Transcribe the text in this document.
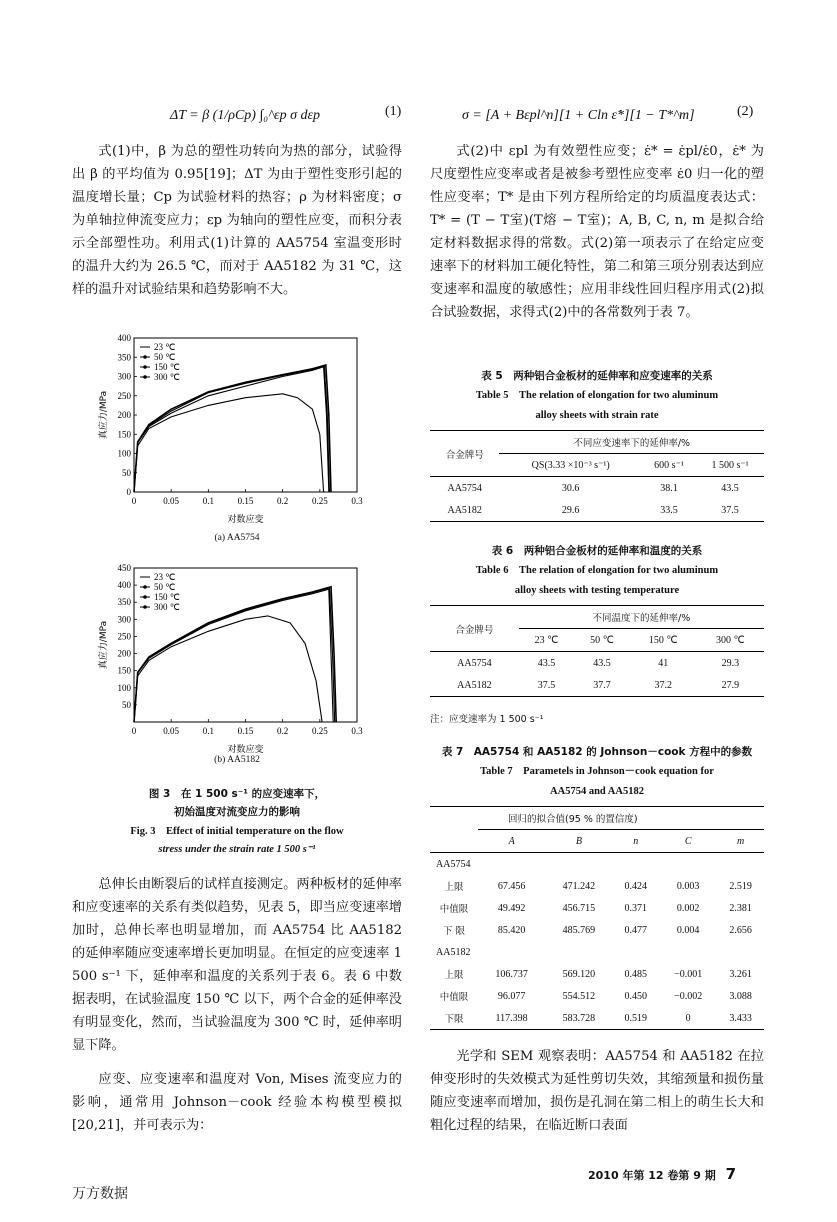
ΔT = β (1/ρCp) ∫₀^εp σ dεp	(1)

式(1)中，β 为总的塑性功转向为热的部分，试验得出 β 的平均值为 0.95[19]；ΔT 为由于塑性变形引起的温度增长量；Cp 为试验材料的热容；ρ 为材料密度；σ 为单轴拉伸流变应力；εp 为轴向的塑性应变，而积分表示全部塑性功。利用式(1)计算的 AA5754 室温变形时的温升大约为 26.5 ℃，而对于 AA5182 为 31 ℃，这样的温升对试验结果和趋势影响不大。

0	0.05	0.1	0.15	0.2	0.25	0.3
0
50
100
150
200
250
300
350
400
对数应变
真应力/MPa
23 ℃
50 ℃
150 ℃
300 ℃
(a) AA5754
0	0.05	0.1	0.15	0.2	0.25	0.3
50
100
150
200
250
300
350
400
450
对数应变
真应力/MPa
23 ℃
50 ℃
150 ℃
300 ℃
(b) AA5182
图 3　在 1 500 s⁻¹ 的应变速率下，
初始温度对流变应力的影响
Fig. 3　Effect of initial temperature on the flow
stress under the strain rate 1 500 s⁻¹

总伸长由断裂后的试样直接测定。两种板材的延伸率和应变速率的关系有类似趋势，见表 5，即当应变速率增加时，总伸长率也明显增加，而 AA5754 比 AA5182 的延伸率随应变速率增长更加明显。在恒定的应变速率 1 500 s⁻¹ 下，延伸率和温度的关系列于表 6。表 6 中数据表明，在试验温度 150 ℃ 以下，两个合金的延伸率没有明显变化，然而，当试验温度为 300 ℃ 时，延伸率明显下降。

应变、应变速率和温度对 Von, Mises 流变应力的影响，通常用 Johnson－cook 经验本构模型模拟[20,21]，并可表示为：

σ = [A + Bεpl^n][1 + Cln ε̇*][1 − T*^m]	(2)

式(2)中 εpl 为有效塑性应变；ε̇* = ε̇pl/ε̇0，ε̇* 为尺度塑性应变率或者是被参考塑性应变率 ε̇0 归一化的塑性应变率；T* 是由下列方程所给定的均质温度表达式：T* = (T − T室)(T熔 − T室)；A, B, C, n, m 是拟合给定材料数据求得的常数。式(2)第一项表示了在给定应变速率下的材料加工硬化特性，第二和第三项分别表达到应变速率和温度的敏感性；应用非线性回归程序用式(2)拟合试验数据，求得式(2)中的各常数列于表 7。

表 5　两种铝合金板材的延伸率和应变速率的关系
Table 5　The relation of elongation for two aluminum
alloy sheets with strain rate
合金牌号	不同应变速率下的延伸率/%		
	QS(3.33 ×10⁻³ s⁻¹)	600 s⁻¹	1 500 s⁻¹
AA5754	30.6	38.1	43.5
AA5182	29.6	33.5	37.5
表 6　两种铝合金板材的延伸率和温度的关系
Table 6　The relation of elongation for two aluminum
alloy sheets with testing temperature
合金牌号	不同温度下的延伸率/%			
	23 ℃	50 ℃	150 ℃	300 ℃
AA5754	43.5	43.5	41	29.3
AA5182	37.5	37.7	37.2	27.9
注：应变速率为 1 500 s⁻¹
表 7　AA5754 和 AA5182 的 Johnson－cook 方程中的参数
Table 7　Parametels in Johnson－cook equation for
AA5754 and AA5182
	回归的拟合值(95 % 的置信度)				
	A	B	n	C	m
AA5754					
上限	67.456	471.242	0.424	0.003	2.519
中值限	49.492	456.715	0.371	0.002	2.381
下 限	85.420	485.769	0.477	0.004	2.656
AA5182					
上限	106.737	569.120	0.485	−0.001	3.261
中值限	96.077	554.512	0.450	−0.002	3.088
下限	117.398	583.728	0.519	0	3.433

光学和 SEM 观察表明：AA5754 和 AA5182 在拉伸变形时的失效模式为延性剪切失效，其缩颈量和损伤量随应变速率而增加，损伤是孔洞在第二相上的萌生长大和粗化过程的结果，在临近断口表面

2010 年第 12 卷第 9 期 7
万方数据
